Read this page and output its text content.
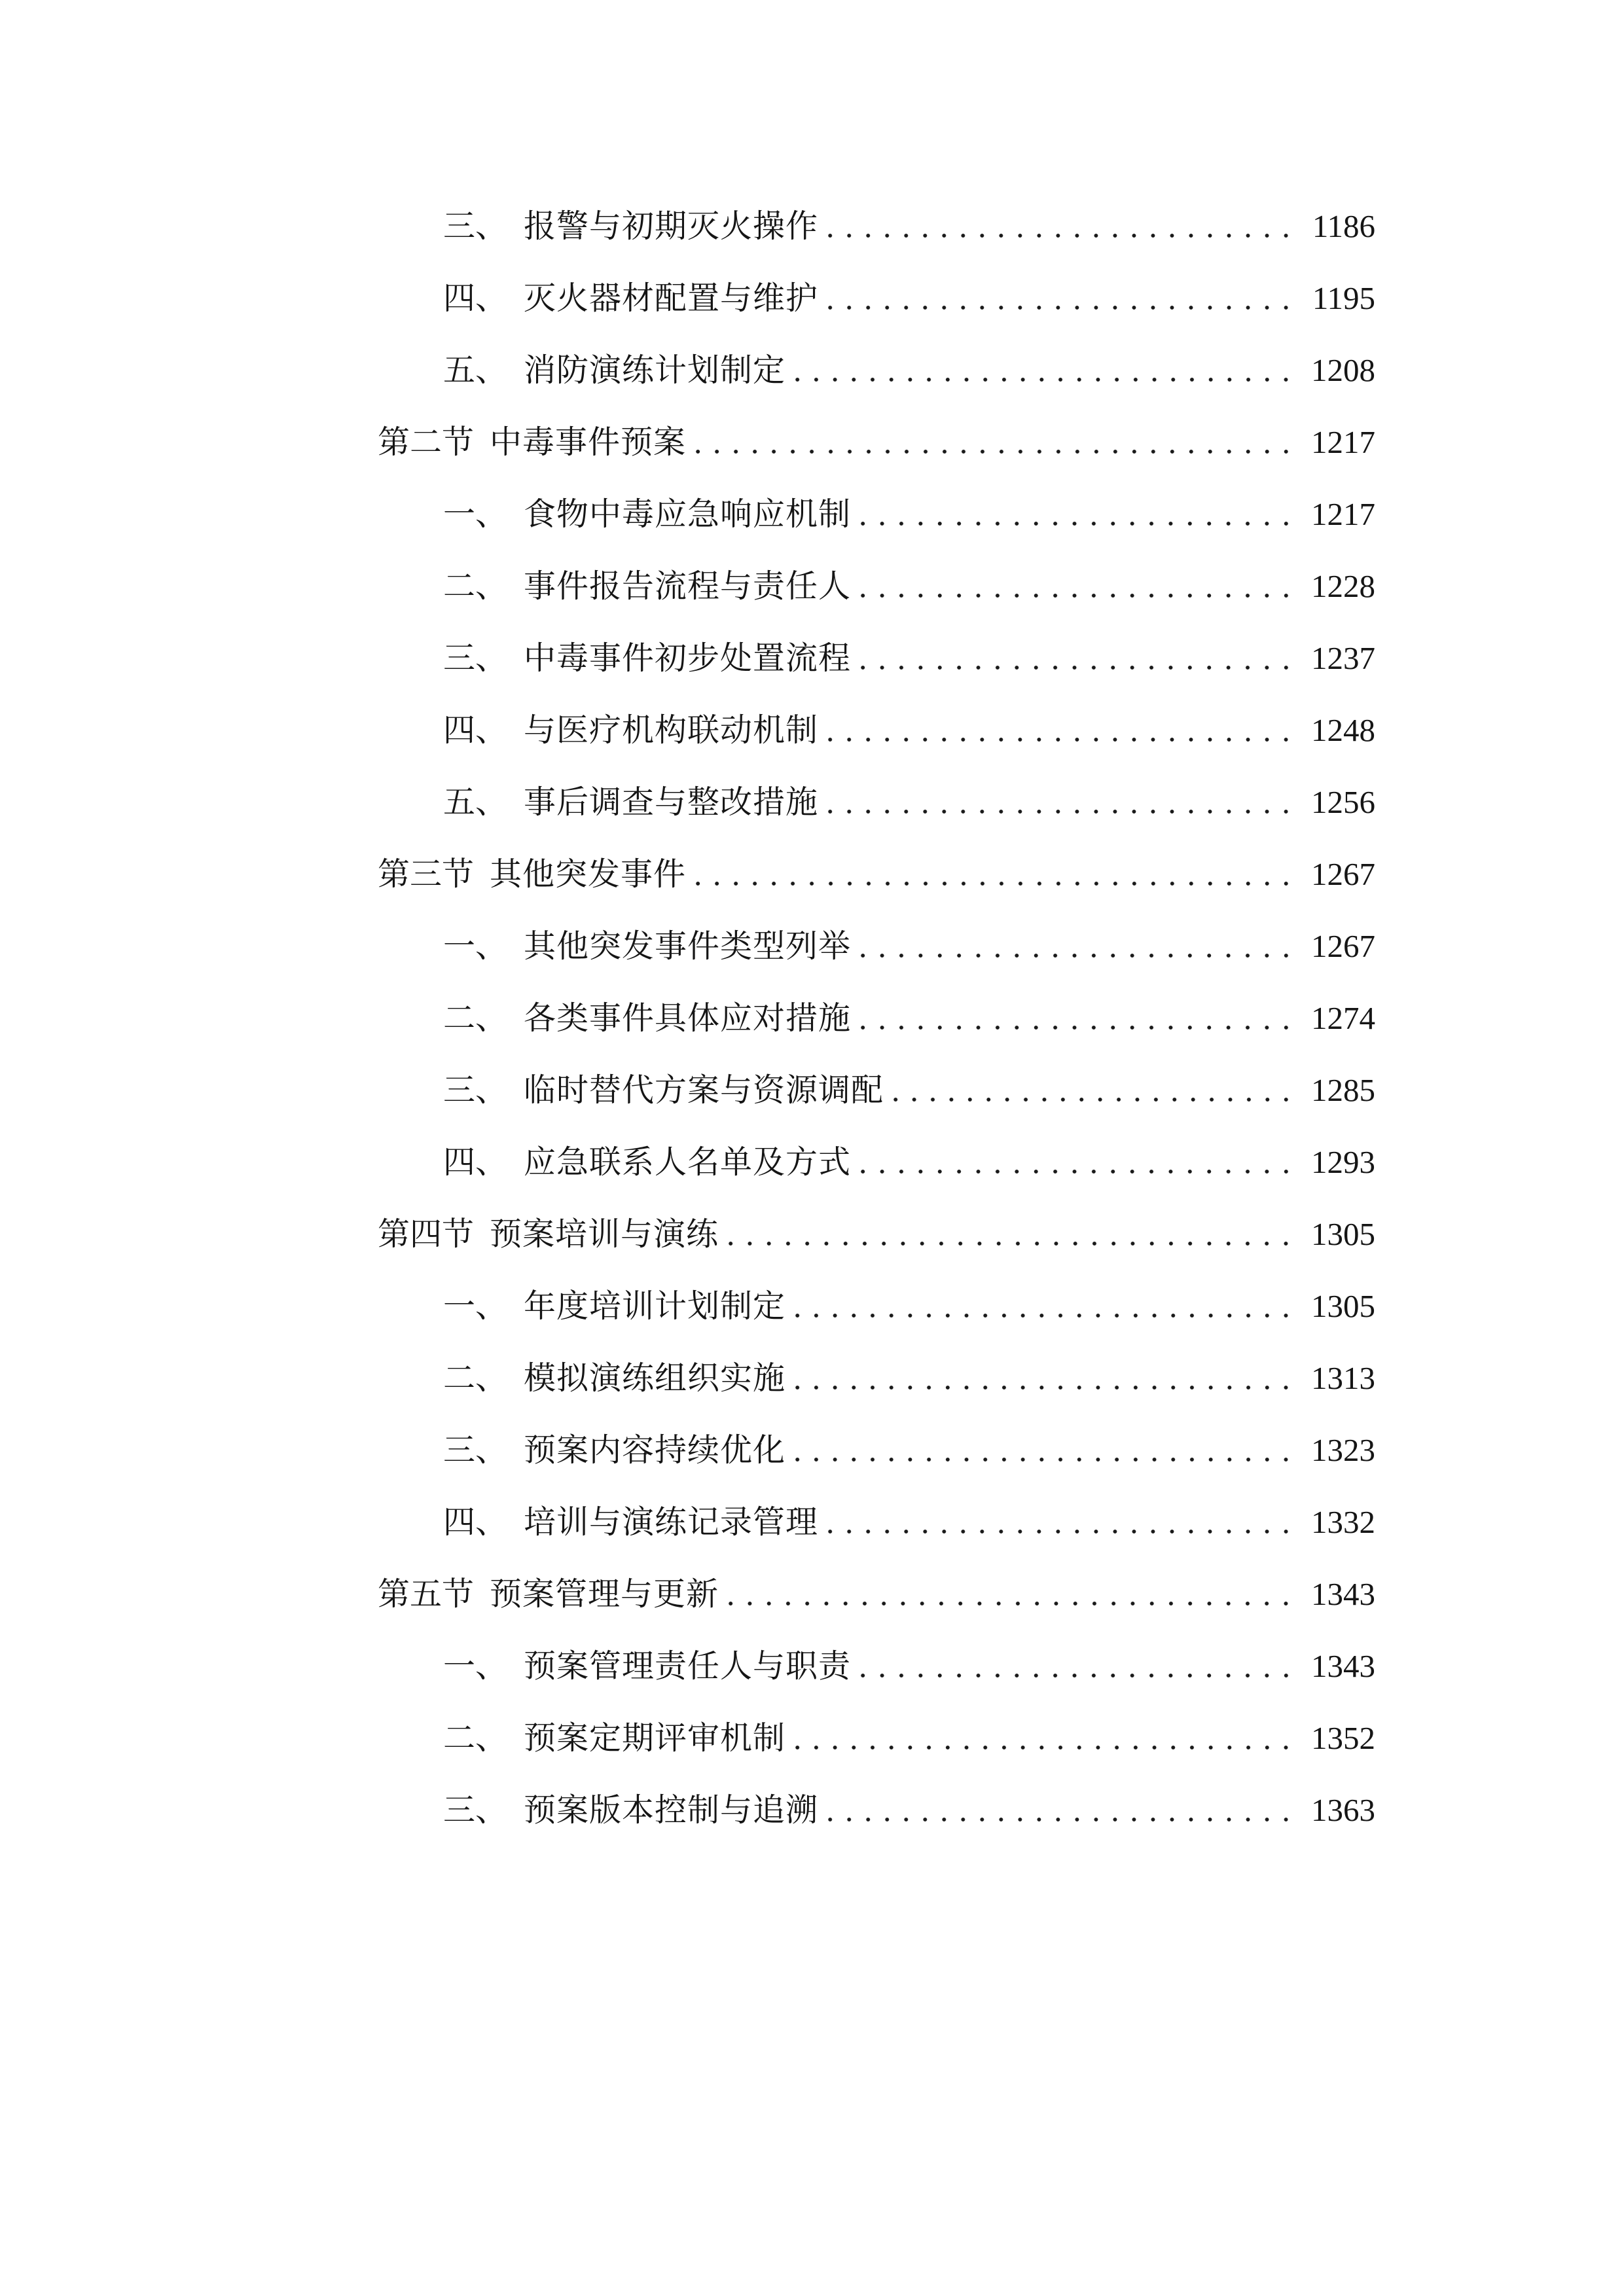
三、 报警与初期灭火操作	1186
四、 灭火器材配置与维护	1195
五、 消防演练计划制定	1208
第二节 中毒事件预案	1217
一、 食物中毒应急响应机制	1217
二、 事件报告流程与责任人	1228
三、 中毒事件初步处置流程	1237
四、 与医疗机构联动机制	1248
五、 事后调查与整改措施	1256
第三节 其他突发事件	1267
一、 其他突发事件类型列举	1267
二、 各类事件具体应对措施	1274
三、 临时替代方案与资源调配	1285
四、 应急联系人名单及方式	1293
第四节 预案培训与演练	1305
一、 年度培训计划制定	1305
二、 模拟演练组织实施	1313
三、 预案内容持续优化	1323
四、 培训与演练记录管理	1332
第五节 预案管理与更新	1343
一、 预案管理责任人与职责	1343
二、 预案定期评审机制	1352
三、 预案版本控制与追溯	1363
